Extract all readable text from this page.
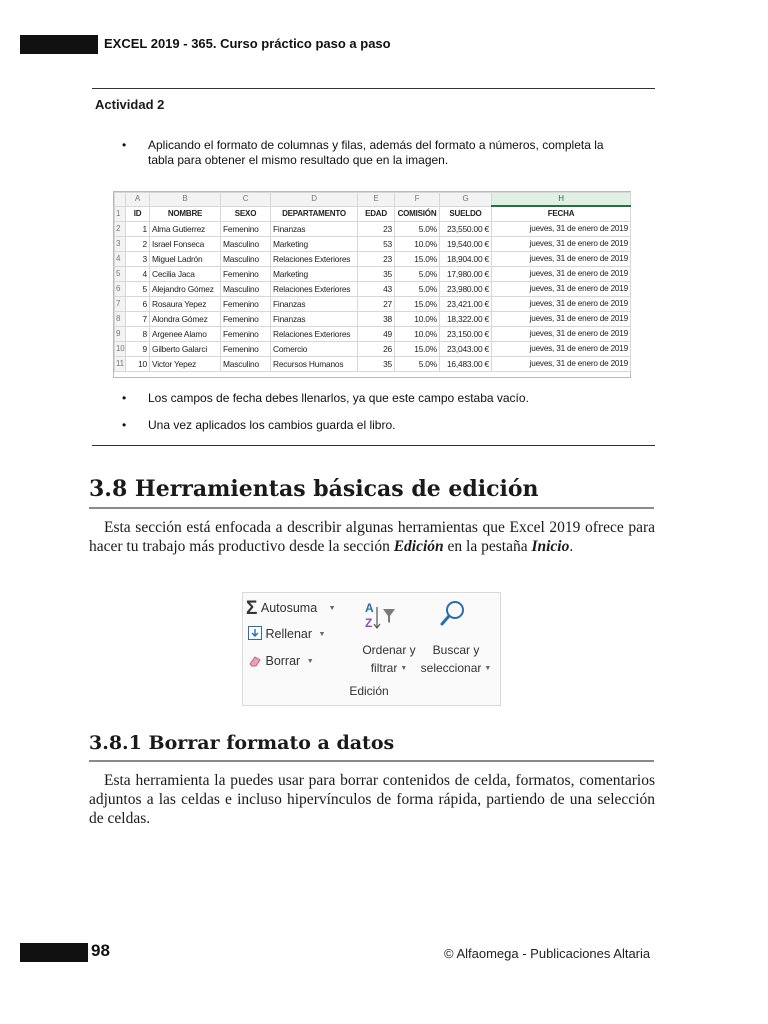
EXCEL 2019 - 365. Curso práctico paso a paso
Actividad 2
• Aplicando el formato de columnas y filas, además del formato a números, completa la
tabla para obtener el mismo resultado que en la imagen.
	A	B	C	D	E	F	G	H
1	ID	NOMBRE	SEXO	DEPARTAMENTO	EDAD	COMISIÓN	SUELDO	FECHA
2	1	Alma Gutierrez	Femenino	Finanzas	23	5.0%	23,550.00 €	jueves, 31 de enero de 2019
3	2	Israel Fonseca	Masculino	Marketing	53	10.0%	19,540.00 €	jueves, 31 de enero de 2019
4	3	Miguel Ladrón	Masculino	Relaciones Exteriores	23	15.0%	18,904.00 €	jueves, 31 de enero de 2019
5	4	Cecilia Jaca	Femenino	Marketing	35	5.0%	17,980.00 €	jueves, 31 de enero de 2019
6	5	Alejandro Gómez	Masculino	Relaciones Exteriores	43	5.0%	23,980.00 €	jueves, 31 de enero de 2019
7	6	Rosaura Yepez	Femenino	Finanzas	27	15.0%	23,421.00 €	jueves, 31 de enero de 2019
8	7	Alondra Gómez	Femenino	Finanzas	38	10.0%	18,322.00 €	jueves, 31 de enero de 2019
9	8	Argenee Alamo	Femenino	Relaciones Exteriores	49	10.0%	23,150.00 €	jueves, 31 de enero de 2019
10	9	Gilberto Galarci	Femenino	Comercio	26	15.0%	23,043.00 €	jueves, 31 de enero de 2019
11	10	Victor Yepez	Masculino	Recursos Humanos	35	5.0%	16,483.00 €	jueves, 31 de enero de 2019
• Los campos de fecha debes llenarlos, ya que este campo estaba vacío.
• Una vez aplicados los cambios guarda el libro.
3.8 Herramientas básicas de edición
Esta sección está enfocada a describir algunas herramientas que Excel 2019 ofrece para hacer tu trabajo más productivo desde la sección Edición en la pestaña Inicio.
Σ Autosuma ▼
Rellenar ▼
Borrar ▼
A
Z
Ordenar y
filtrar ▼
Buscar y
seleccionar ▼
Edición
3.8.1 Borrar formato a datos
Esta herramienta la puedes usar para borrar contenidos de celda, formatos, comentarios adjuntos a las celdas e incluso hipervínculos de forma rápida, partiendo de una selección de celdas.
98	© Alfaomega - Publicaciones Altaria
